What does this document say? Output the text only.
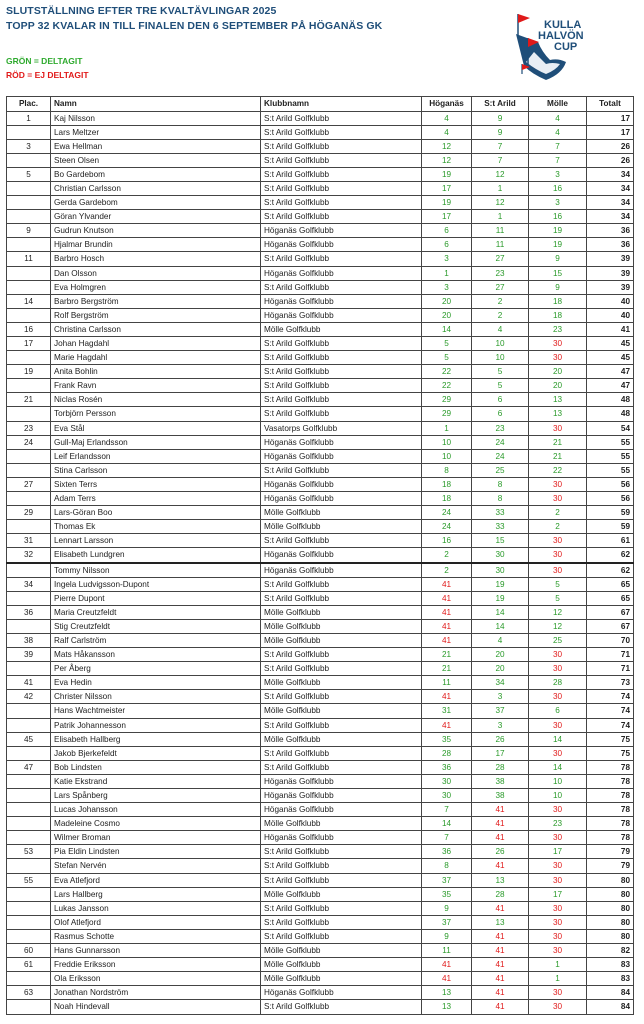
SLUTSTÄLLNING EFTER TRE KVALTÄVLINGAR 2025
TOPP 32 KVALAR IN TILL FINALEN DEN 6 SEPTEMBER PÅ HÖGANÄS GK
GRÖN = DELTAGIT
RÖD = EJ DELTAGIT
KULLA
HALVÖN
CUP
Plac.	Namn	Klubbnamn	Höganäs	S:t Arild	Mölle	Totalt
1	Kaj Nilsson	S:t Arild Golfklubb	4	9	4	17
	Lars Meltzer	S:t Arild Golfklubb	4	9	4	17
3	Ewa Hellman	S:t Arild Golfklubb	12	7	7	26
	Steen Olsen	S:t Arild Golfklubb	12	7	7	26
5	Bo Gardebom	S:t Arild Golfklubb	19	12	3	34
	Christian Carlsson	S:t Arild Golfklubb	17	1	16	34
	Gerda Gardebom	S:t Arild Golfklubb	19	12	3	34
	Göran Ylvander	S:t Arild Golfklubb	17	1	16	34
9	Gudrun Knutson	Höganäs Golfklubb	6	11	19	36
	Hjalmar Brundin	Höganäs Golfklubb	6	11	19	36
11	Barbro Hosch	S:t Arild Golfklubb	3	27	9	39
	Dan Olsson	Höganäs Golfklubb	1	23	15	39
	Eva Holmgren	S:t Arild Golfklubb	3	27	9	39
14	Barbro Bergström	Höganäs Golfklubb	20	2	18	40
	Rolf Bergström	Höganäs Golfklubb	20	2	18	40
16	Christina Carlsson	Mölle Golfklubb	14	4	23	41
17	Johan Hagdahl	S:t Arild Golfklubb	5	10	30	45
	Marie Hagdahl	S:t Arild Golfklubb	5	10	30	45
19	Anita Bohlin	S:t Arild Golfklubb	22	5	20	47
	Frank Ravn	S:t Arild Golfklubb	22	5	20	47
21	Niclas Rosén	S:t Arild Golfklubb	29	6	13	48
	Torbjörn Persson	S:t Arild Golfklubb	29	6	13	48
23	Eva Stål	Vasatorps Golfklubb	1	23	30	54
24	Gull-Maj Erlandsson	Höganäs Golfklubb	10	24	21	55
	Leif Erlandsson	Höganäs Golfklubb	10	24	21	55
	Stina Carlsson	S:t Arild Golfklubb	8	25	22	55
27	Sixten Terrs	Höganäs Golfklubb	18	8	30	56
	Adam Terrs	Höganäs Golfklubb	18	8	30	56
29	Lars-Göran Boo	Mölle Golfklubb	24	33	2	59
	Thomas Ek	Mölle Golfklubb	24	33	2	59
31	Lennart Larsson	S:t Arild Golfklubb	16	15	30	61
32	Elisabeth Lundgren	Höganäs Golfklubb	2	30	30	62
	Tommy Nilsson	Höganäs Golfklubb	2	30	30	62
34	Ingela Ludvigsson-Dupont	S:t Arild Golfklubb	41	19	5	65
	Pierre Dupont	S:t Arild Golfklubb	41	19	5	65
36	Maria Creutzfeldt	Mölle Golfklubb	41	14	12	67
	Stig Creutzfeldt	Mölle Golfklubb	41	14	12	67
38	Ralf Carlström	Mölle Golfklubb	41	4	25	70
39	Mats Håkansson	S:t Arild Golfklubb	21	20	30	71
	Per Åberg	S:t Arild Golfklubb	21	20	30	71
41	Eva Hedin	Mölle Golfklubb	11	34	28	73
42	Christer Nilsson	S:t Arild Golfklubb	41	3	30	74
	Hans Wachtmeister	Mölle Golfklubb	31	37	6	74
	Patrik Johannesson	S:t Arild Golfklubb	41	3	30	74
45	Elisabeth Hallberg	Mölle Golfklubb	35	26	14	75
	Jakob Bjerkefeldt	S:t Arild Golfklubb	28	17	30	75
47	Bob Lindsten	S:t Arild Golfklubb	36	28	14	78
	Katie Ekstrand	Höganäs Golfklubb	30	38	10	78
	Lars Spånberg	Höganäs Golfklubb	30	38	10	78
	Lucas Johansson	Höganäs Golfklubb	7	41	30	78
	Madeleine Cosmo	Mölle Golfklubb	14	41	23	78
	Wilmer Broman	Höganäs Golfklubb	7	41	30	78
53	Pia Eldin Lindsten	S:t Arild Golfklubb	36	26	17	79
	Stefan Nervén	S:t Arild Golfklubb	8	41	30	79
55	Eva Atlefjord	S:t Arild Golfklubb	37	13	30	80
	Lars Hallberg	Mölle Golfklubb	35	28	17	80
	Lukas Jansson	S:t Arild Golfklubb	9	41	30	80
	Olof Atlefjord	S:t Arild Golfklubb	37	13	30	80
	Rasmus Schotte	S:t Arild Golfklubb	9	41	30	80
60	Hans Gunnarsson	Mölle Golfklubb	11	41	30	82
61	Freddie Eriksson	Mölle Golfklubb	41	41	1	83
	Ola Eriksson	Mölle Golfklubb	41	41	1	83
63	Jonathan Nordström	Höganäs Golfklubb	13	41	30	84
	Noah Hindevall	S:t Arild Golfklubb	13	41	30	84
